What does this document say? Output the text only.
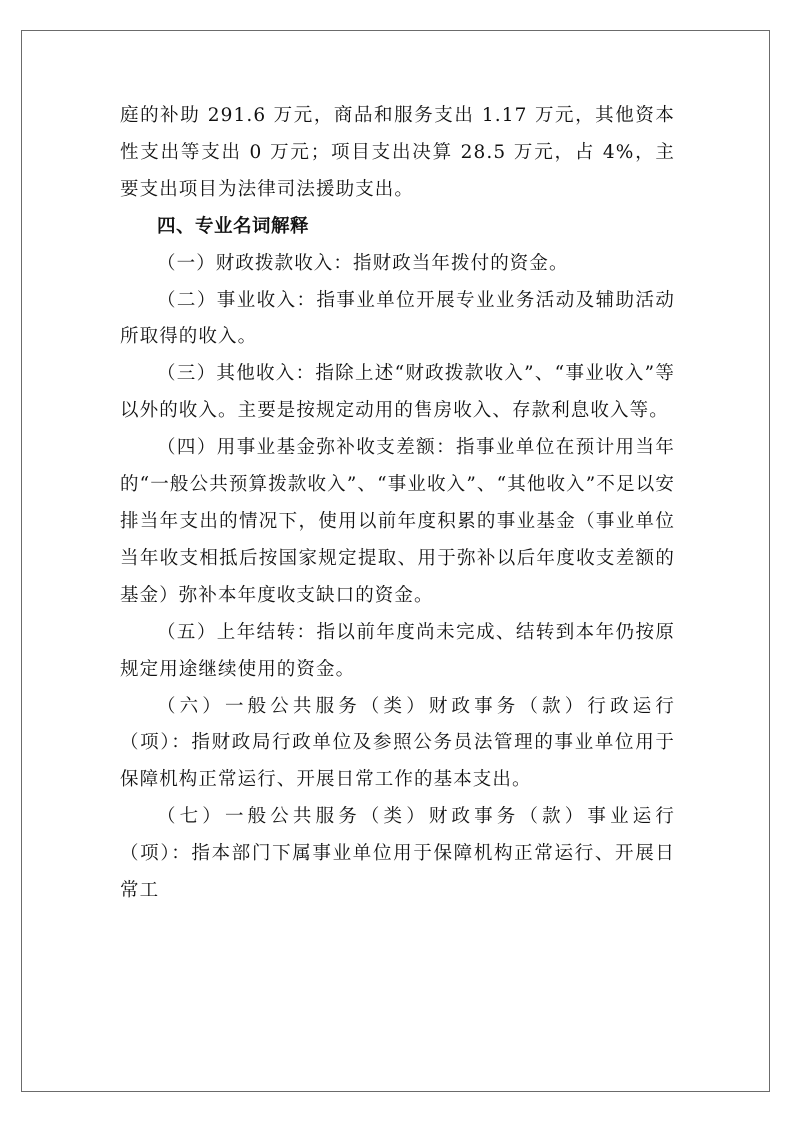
庭的补助 291.6 万元，商品和服务支出 1.17 万元，其他资本性支出等支出 0 万元；项目支出决算 28.5 万元，占 4%，主要支出项目为法律司法援助支出。

四、专业名词解释

（一）财政拨款收入：指财政当年拨付的资金。

（二）事业收入：指事业单位开展专业业务活动及辅助活动所取得的收入。

（三）其他收入：指除上述“财政拨款收入”、“事业收入”等以外的收入。主要是按规定动用的售房收入、存款利息收入等。

（四）用事业基金弥补收支差额：指事业单位在预计用当年的“一般公共预算拨款收入”、“事业收入”、“其他收入”不足以安排当年支出的情况下，使用以前年度积累的事业基金（事业单位当年收支相抵后按国家规定提取、用于弥补以后年度收支差额的基金）弥补本年度收支缺口的资金。

（五）上年结转：指以前年度尚未完成、结转到本年仍按原规定用途继续使用的资金。

（六）一般公共服务（类）财政事务（款）行政运行（项）：指财政局行政单位及参照公务员法管理的事业单位用于保障机构正常运行、开展日常工作的基本支出。

（七）一般公共服务（类）财政事务（款）事业运行（项）：指本部门下属事业单位用于保障机构正常运行、开展日常工
